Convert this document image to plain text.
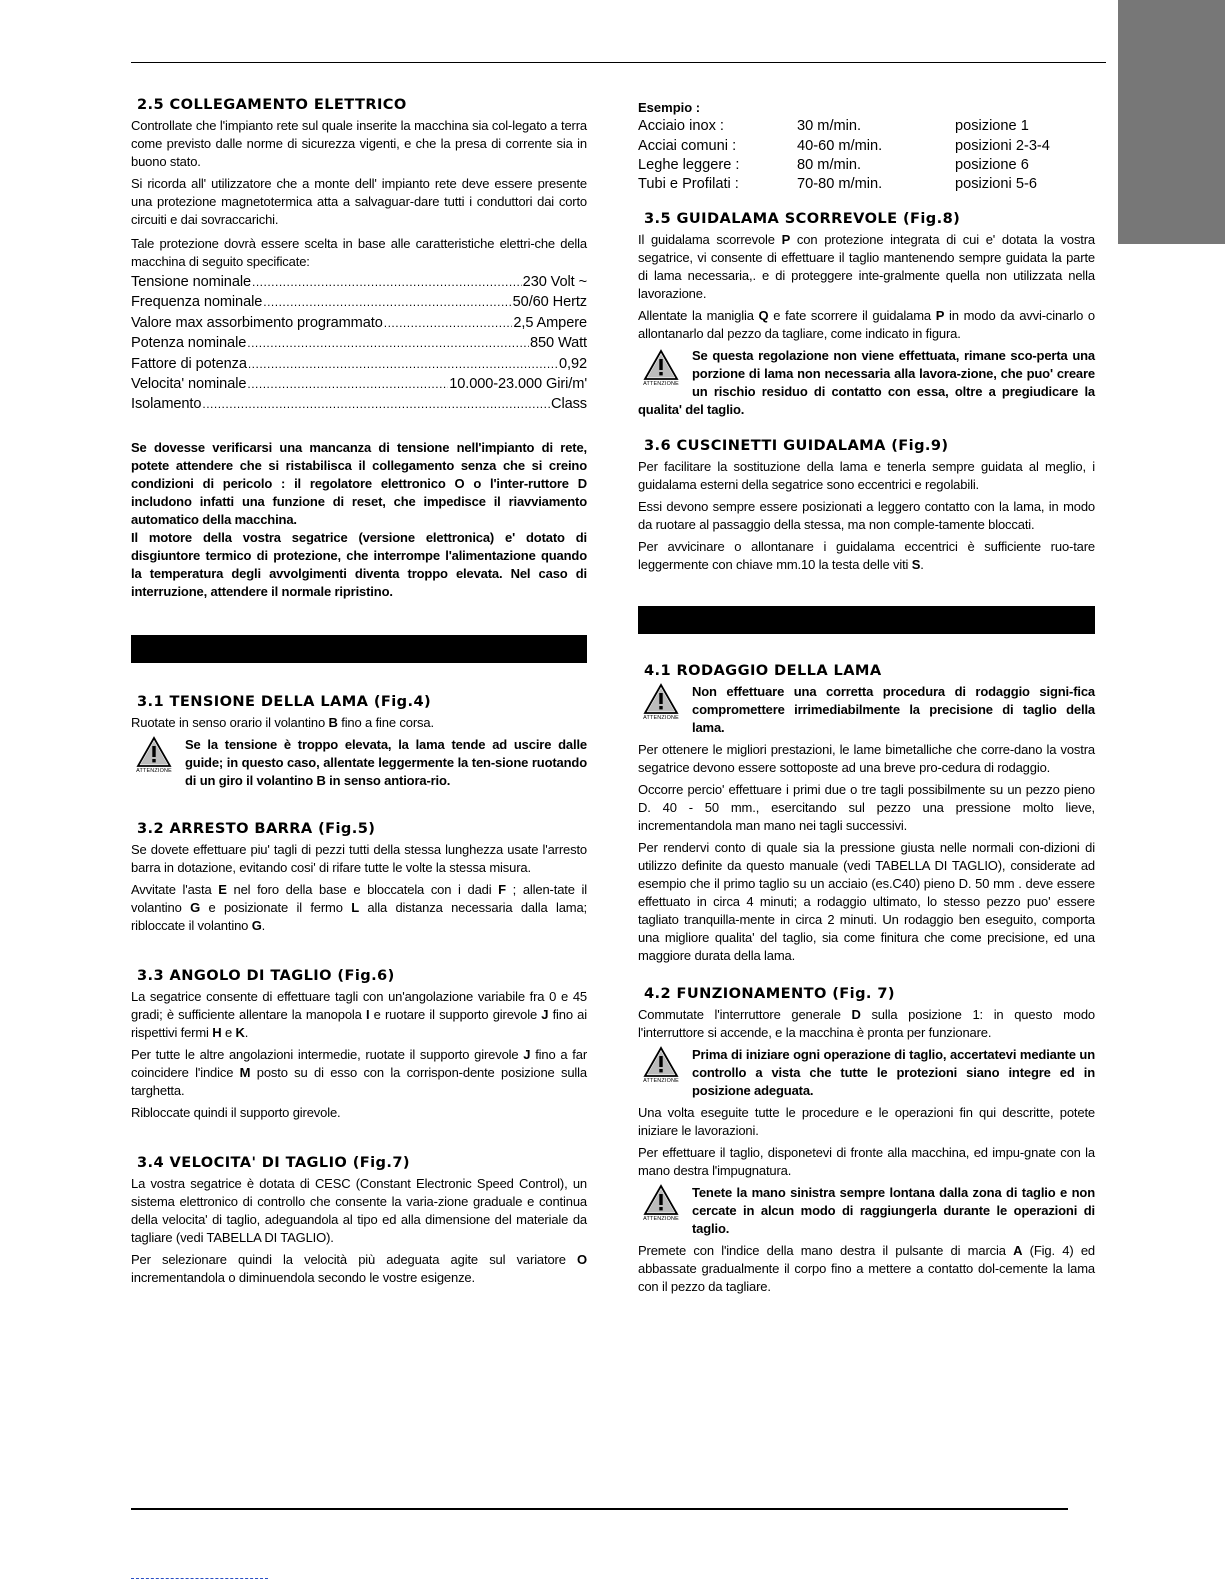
2.5 COLLEGAMENTO ELETTRICO

Controllate che l'impianto rete sul quale inserite la macchina sia col-legato a terra come previsto dalle norme di sicurezza vigenti, e che la presa di corrente sia in buono stato.

Si ricorda all' utilizzatore che a monte dell' impianto rete deve essere presente una protezione magnetotermica atta a salvaguar-dare tutti i conduttori dai corto circuiti e dai sovraccarichi.

Tale protezione dovrà essere scelta in base alle caratteristiche elettri-che della macchina di seguito specificate:

Tensione nominale .....	230 Volt ~
Frequenza nominale .....	50/60 Hertz
Valore max assorbimento programmato .....	2,5 Ampere
Potenza nominale .....	850 Watt
Fattore di potenza .....	0,92
Velocita' nominale .....	10.000-23.000 Giri/m'
Isolamento .....	Class

Se dovesse verificarsi una mancanza di tensione nell'impianto di rete, potete attendere che si ristabilisca il collegamento senza che si creino condizioni di pericolo : il regolatore elettronico O o l'inter-ruttore D includono infatti una funzione di reset, che impedisce il riavviamento automatico della macchina.

Il motore della vostra segatrice (versione elettronica) e' dotato di disgiuntore termico di protezione, che interrompe l'alimentazione quando la temperatura degli avvolgimenti diventa troppo elevata. Nel caso di interruzione, attendere il normale ripristino.

3.1 TENSIONE DELLA LAMA (Fig.4)

Ruotate in senso orario il volantino B fino a fine corsa.

ATTENZIONE

Se la tensione è troppo elevata, la lama tende ad uscire dalle guide; in questo caso, allentate leggermente la ten-sione ruotando di un giro il volantino B in senso antiora-rio.

3.2 ARRESTO BARRA (Fig.5)

Se dovete effettuare piu' tagli di pezzi tutti della stessa lunghezza usate l'arresto barra in dotazione, evitando cosi' di rifare tutte le volte la stessa misura.

Avvitate l'asta E nel foro della base e bloccatela con i dadi F ; allen-tate il volantino G e posizionate il fermo L alla distanza necessaria dalla lama; ribloccate il volantino G.

3.3 ANGOLO DI TAGLIO (Fig.6)

La segatrice consente di effettuare tagli con un'angolazione variabile fra 0 e 45 gradi; è sufficiente allentare la manopola I e ruotare il supporto girevole J fino ai rispettivi fermi H e K.

Per tutte le altre angolazioni intermedie, ruotate il supporto girevole J fino a far coincidere l'indice M posto su di esso con la corrispon-dente posizione sulla targhetta.

Ribloccate quindi il supporto girevole.

3.4 VELOCITA' DI TAGLIO (Fig.7)

La vostra segatrice è dotata di CESC (Constant Electronic Speed Control), un sistema elettronico di controllo che consente la varia-zione graduale e continua della velocita' di taglio, adeguandola al tipo ed alla dimensione del materiale da tagliare (vedi TABELLA DI TAGLIO).

Per selezionare quindi la velocità più adeguata agite sul variatore O incrementandola o diminuendola secondo le vostre esigenze.

Esempio :
Acciaio inox :	30 m/min.	posizione 1
Acciai comuni :	40-60 m/min.	posizioni 2-3-4
Leghe leggere :	80 m/min.	posizione 6
Tubi e Profilati :	70-80 m/min.	posizioni 5-6
3.5 GUIDALAMA SCORREVOLE (Fig.8)

Il guidalama scorrevole P con protezione integrata di cui e' dotata la vostra segatrice, vi consente di effettuare il taglio mantenendo sempre guidata la parte di lama necessaria,. e di proteggere inte-gralmente quella non utilizzata nella lavorazione.

Allentate la maniglia Q e fate scorrere il guidalama P in modo da avvi-cinarlo o allontanarlo dal pezzo da tagliare, come indicato in figura.

ATTENZIONE

Se questa regolazione non viene effettuata, rimane sco-perta una porzione di lama non necessaria alla lavora-zione, che puo' creare un rischio residuo di contatto con essa, oltre a pregiudicare la qualita' del taglio.

3.6 CUSCINETTI GUIDALAMA (Fig.9)

Per facilitare la sostituzione della lama e tenerla sempre guidata al meglio, i guidalama esterni della segatrice sono eccentrici e regolabili.

Essi devono sempre essere posizionati a leggero contatto con la lama, in modo da ruotare al passaggio della stessa, ma non comple-tamente bloccati.

Per avvicinare o allontanare i guidalama eccentrici è sufficiente ruo-tare leggermente con chiave mm.10 la testa delle viti S.

4.1 RODAGGIO DELLA LAMA
ATTENZIONE

Non effettuare una corretta procedura di rodaggio signi-fica compromettere irrimediabilmente la precisione di taglio della lama.

Per ottenere le migliori prestazioni, le lame bimetalliche che corre-dano la vostra segatrice devono essere sottoposte ad una breve pro-cedura di rodaggio.

Occorre percio' effettuare i primi due o tre tagli possibilmente su un pezzo pieno D. 40 - 50 mm., esercitando sul pezzo una pressione molto lieve, incrementandola man mano nei tagli successivi.

Per rendervi conto di quale sia la pressione giusta nelle normali con-dizioni di utilizzo definite da questo manuale (vedi TABELLA DI TAGLIO), considerate ad esempio che il primo taglio su un acciaio (es.C40) pieno D. 50 mm . deve essere effettuato in circa 4 minuti; a rodaggio ultimato, lo stesso pezzo puo' essere tagliato tranquilla-mente in circa 2 minuti. Un rodaggio ben eseguito, comporta una migliore qualita' del taglio, sia come finitura che come precisione, ed una maggiore durata della lama.

4.2 FUNZIONAMENTO (Fig. 7)

Commutate l'interruttore generale D sulla posizione 1: in questo modo l'interruttore si accende, e la macchina è pronta per funzionare.

ATTENZIONE

Prima di iniziare ogni operazione di taglio, accertatevi mediante un controllo a vista che tutte le protezioni siano integre ed in posizione adeguata.

Una volta eseguite tutte le procedure e le operazioni fin qui descritte, potete iniziare le lavorazioni.

Per effettuare il taglio, disponetevi di fronte alla macchina, ed impu-gnate con la mano destra l'impugnatura.

ATTENZIONE

Tenete la mano sinistra sempre lontana dalla zona di taglio e non cercate in alcun modo di raggiungerla durante le operazioni di taglio.

Premete con l'indice della mano destra il pulsante di marcia A (Fig. 4) ed abbassate gradualmente il corpo fino a mettere a contatto dol-cemente la lama con il pezzo da tagliare.
